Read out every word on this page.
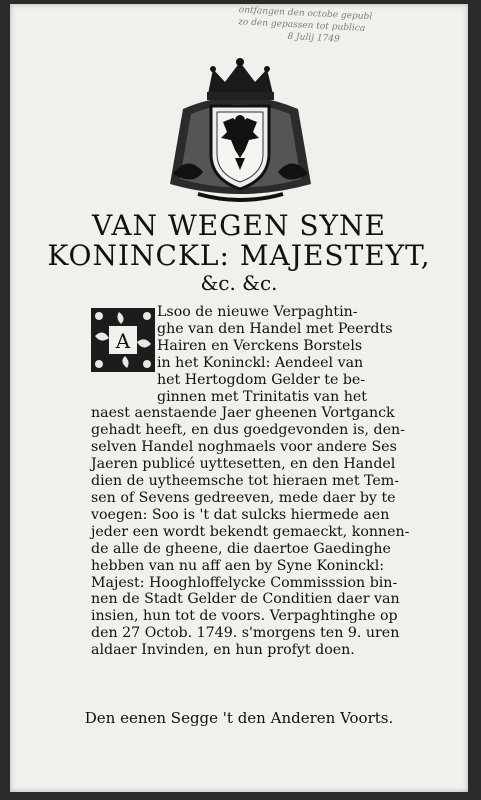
ontfangen den octobe gepubl
zo den gepassen tot publica
8 Julij 1749
VAN WEGEN SYNE
KONINCKL: MAJESTEYT,
&c. &c.
A
Lsoo de nieuwe Verpaghtin-
ghe van den Handel met Peerdts
Hairen en Verckens Borstels
in het Koninckl: Aendeel van
het Hertogdom Gelder te be-
ginnen met Trinitatis van het
naest aenstaende Jaer gheenen Vortganck
gehadt heeft, en dus goedgevonden is, den-
selven Handel noghmaels voor andere Ses
Jaeren publicé uyttesetten, en den Handel
dien de uytheemsche tot hieraen met Tem-
sen of Sevens gedreeven, mede daer by te
voegen: Soo is 't dat sulcks hiermede aen
jeder een wordt bekendt gemaeckt, konnen-
de alle de gheene, die daertoe Gaedinghe
hebben van nu aff aen by Syne Koninckl:
Majest: Hooghloffelycke Commisssion bin-
nen de Stadt Gelder de Conditien daer van
insien, hun tot de voors. Verpaghtinghe op
den 27 Octob. 1749. s'morgens ten 9. uren
aldaer Invinden, en hun profyt doen.
Den eenen Segge 't den Anderen Voorts.
